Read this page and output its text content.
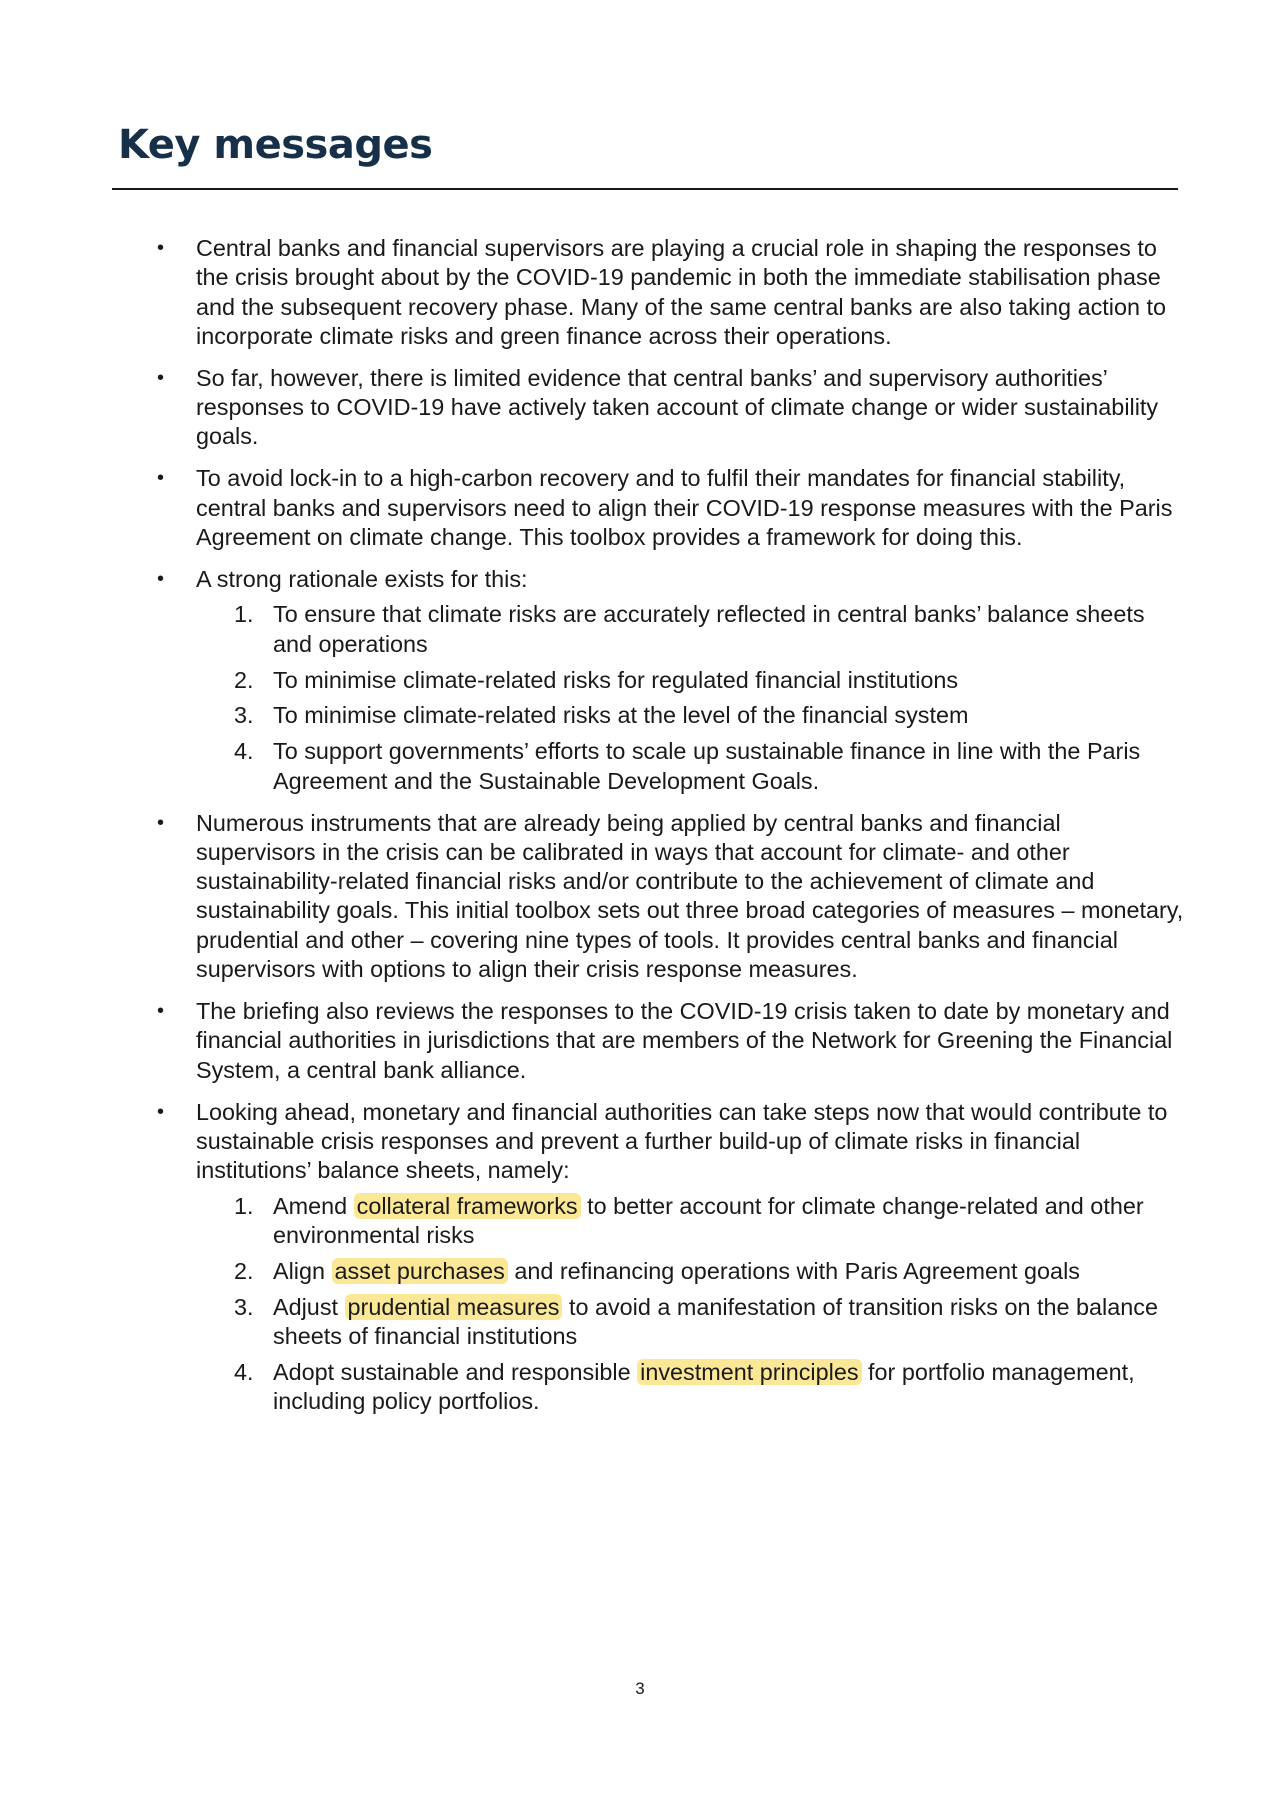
Key messages
• Central banks and financial supervisors are playing a crucial role in shaping the responses to the crisis brought about by the COVID-19 pandemic in both the immediate stabilisation phase and the subsequent recovery phase. Many of the same central banks are also taking action to incorporate climate risks and green finance across their operations.
• So far, however, there is limited evidence that central banks’ and supervisory authorities’ responses to COVID-19 have actively taken account of climate change or wider sustainability goals.
• To avoid lock-in to a high-carbon recovery and to fulfil their mandates for financial stability, central banks and supervisors need to align their COVID-19 response measures with the Paris Agreement on climate change. This toolbox provides a framework for doing this.
• A strong rationale exists for this:
1. To ensure that climate risks are accurately reflected in central banks’ balance sheets and operations
2. To minimise climate-related risks for regulated financial institutions
3. To minimise climate-related risks at the level of the financial system
4. To support governments’ efforts to scale up sustainable finance in line with the Paris Agreement and the Sustainable Development Goals.
• Numerous instruments that are already being applied by central banks and financial supervisors in the crisis can be calibrated in ways that account for climate- and other sustainability-related financial risks and/or contribute to the achievement of climate and sustainability goals. This initial toolbox sets out three broad categories of measures – monetary, prudential and other – covering nine types of tools. It provides central banks and financial supervisors with options to align their crisis response measures.
• The briefing also reviews the responses to the COVID-19 crisis taken to date by monetary and financial authorities in jurisdictions that are members of the Network for Greening the Financial System, a central bank alliance.
• Looking ahead, monetary and financial authorities can take steps now that would contribute to sustainable crisis responses and prevent a further build-up of climate risks in financial institutions’ balance sheets, namely:
1. Amend collateral frameworks to better account for climate change-related and other environmental risks
2. Align asset purchases and refinancing operations with Paris Agreement goals
3. Adjust prudential measures to avoid a manifestation of transition risks on the balance sheets of financial institutions
4. Adopt sustainable and responsible investment principles for portfolio management, including policy portfolios.
3
